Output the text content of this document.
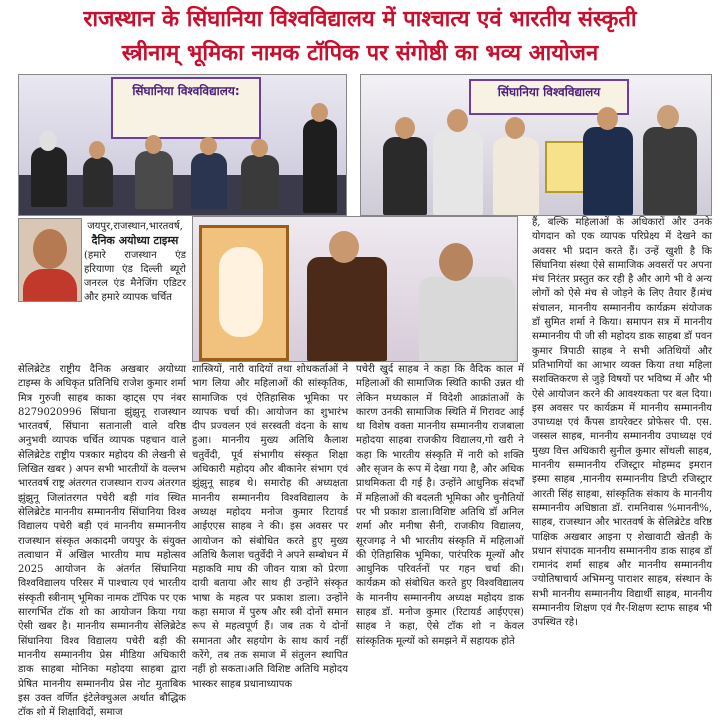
राजस्थान के सिंघानिया विश्वविद्यालय में पाश्चात्य एवं भारतीय संस्कृती
स्त्रीनाम् भूमिका नामक टॉपिक पर संगोष्ठी का भव्य आयोजन
सिंघानिया विश्वविद्यालय:	सिंघानिया विश्वविद्यालय
जयपुर,राजस्थान,भारतवर्ष,
दैनिक अयोध्या टाइम्स
(हमारे राजस्थान एंड हरियाणा एंड दिल्ली ब्यूरो जनरल एंड मैनेजिंग एडिटर और हमारे व्यापक चर्चित
सेलिब्रेटेड राष्ट्रीय दैनिक अखबार अयोध्या टाइम्स के अधिकृत प्रतिनिधि राजेश कुमार शर्मा मित्र गुरुजी साहब काका व्हाट्स एप नंबर 8279020996 सिंघाना झुंझुनू राजस्थान भारतवर्ष, सिंघाना सतानाली वाले वरिष्ठ अनुभवी व्यापक चर्चित व्यापक पहचान वाले सेलिब्रेटेड राष्ट्रीय पत्रकार महोदय की लेखनी से लिखित खबर ) अपन सभी भारतीयों के वल्लभ भारतवर्ष राष्ट्र अंतरगत राजस्थान राज्य अंतरगत झुंझुनू जिलांतरगत पचेरी बड़ी गांव स्थित सेलिब्रेटेड माननीय सम्माननीय सिंघानिया विश्व विद्यालय पचेरी बड़ी एवं माननीय सम्माननीय राजस्थान संस्कृत अकादमी जयपुर के संयुक्त तत्वाधान में अखिल भारतीय माघ महोत्सव 2025 आयोजन के अंतर्गत सिंघानिया विश्वविद्यालय परिसर में पाश्चात्य एवं भारतीय संस्कृती स्त्रीनाम् भूमिका नामक टॉपिक पर एक सारगर्भित टॉक शो का आयोजन किया गया ऐसी खबर है। माननीय सम्माननीय सेलिब्रेटेड सिंघानिया विश्व विद्यालय पचेरी बड़ी की माननीय सम्माननीय प्रेस मीडिया अधिकारी डाक साहबा मोनिका महोदया साहबा द्वारा प्रेषित माननीय सम्माननीय प्रेस नोट मुताबिक इस उक्त वर्णित इंटेलेक्चुअल अर्थात बौद्धिक टॉक शो में शिक्षाविदों, समाज
शास्त्रियों, नारी वादियों तथा शोधकर्ताओं ने भाग लिया और महिलाओं की सांस्कृतिक, सामाजिक एवं ऐतिहासिक भूमिका पर व्यापक चर्चा की। आयोजन का शुभारंभ दीप प्रज्वलन एवं सरस्वती वंदना के साथ हुआ। माननीय मुख्य अतिथि कैलाश चतुर्वेदी, पूर्व संभागीय संस्कृत शिक्षा अधिकारी महोदय और बीकानेर संभाग एवं झुंझुनू साहब थे। समारोह की अध्यक्षता माननीय सम्माननीय विश्वविद्यालय के अध्यक्ष महोदय मनोज कुमार रिटायर्ड आईएएस साहब ने की। इस अवसर पर आयोजन को संबोधित करते हुए मुख्य अतिथि कैलाश चतुर्वेदी ने अपने सम्बोधन में महाकवि माघ की जीवन यात्रा को प्रेरणा दायी बताया और साथ ही उन्होंने संस्कृत भाषा के महत्व पर प्रकाश डाला। उन्होंने कहा समाज में पुरुष और स्त्री दोनों समान रूप से महत्वपूर्ण हैं। जब तक ये दोनों समानता और सहयोग के साथ कार्य नहीं करेंगे, तब तक समाज में संतुलन स्थापित नहीं हो सकता।अति विशिष्ट अतिथि महोदय भास्कर साहब प्रधानाध्यापक
पचेरी खुर्द साहब ने कहा कि वैदिक काल में महिलाओं की सामाजिक स्थिति काफी उन्नत थी लेकिन मध्यकाल में विदेशी आक्रांताओं के कारण उनकी सामाजिक स्थिति में गिरावट आई था विशेष वक्ता माननीय सम्माननीय राजबाला महोदया साहबा राजकीय विद्यालय,गो खरी ने कहा कि भारतीय संस्कृति में नारी को शक्ति और सृजन के रूप में देखा गया है, और अधिक प्राथमिकता दी गई है। उन्होंने आधुनिक संदर्भों में महिलाओं की बदलती भूमिका और चुनौतियों पर भी प्रकाश डाला।विशिष्ट अतिथि डॉ अनिल शर्मा और मनीषा सैनी, राजकीय विद्यालय, सूरजगढ़ ने भी भारतीय संस्कृति में महिलाओं की ऐतिहासिक भूमिका, पारंपरिक मूल्यों और आधुनिक परिवर्तनों पर गहन चर्चा की। कार्यक्रम को संबोधित करते हुए विश्वविद्यालय के माननीय सम्माननीय अध्यक्ष महोदय डाक साहब डॉ. मनोज कुमार (रिटायर्ड आईएएस) साहब ने कहा, ऐसे टॉक शो न केवल सांस्कृतिक मूल्यों को समझने में सहायक होते
हैं, बल्कि महिलाओं के अधिकारों और उनके योगदान को एक व्यापक परिप्रेक्ष्य में देखने का अवसर भी प्रदान करते हैं। उन्हें खुशी है कि सिंघानिया संस्था ऐसे सामाजिक अवसरों पर अपना मंच निरंतर प्रस्तुत कर रही है और आगे भी वे अन्य लोगों को ऐसे मंच से जोड़ने के लिए तैयार हैं।मंच संचालन, माननीय सम्माननीय कार्यक्रम संयोजक डॉ सुमित शर्मा ने किया। समापन सत्र में माननीय सम्माननीय पी जी सी महोदय डाक साहबा डॉ पवन कुमार त्रिपाठी साहब ने सभी अतिथियों और प्रतिभागियों का आभार व्यक्त किया तथा महिला सशक्तिकरण से जुड़े विषयों पर भविष्य में और भी ऐसे आयोजन करने की आवश्यकता पर बल दिया। इस अवसर पर कार्यक्रम में माननीय सम्माननीय उपाध्यक्ष एवं कैंपस डायरेक्टर प्रोफेसर पी. एस. जस्सल साहब, माननीय सम्माननीय उपाध्यक्ष एवं मुख्य वित्त अधिकारी सुनील कुमार सोंथली साहब, माननीय सम्माननीय रजिस्ट्रार मोहम्मद इमरान इस्मा साहब ,माननीय सम्माननीय डिप्टी रजिस्ट्रार आरती सिंह साहबा, सांस्कृतिक संकाय के माननीय सम्माननीय अधिष्ठाता डॉ. रामनिवास %माननी%, साहब, राजस्थान और भारतवर्ष के सेलिब्रेटेड वरिष्ठ पाक्षिक अखबार आइना ए शेखावाटी खेतड़ी के प्रधान संपादक माननीय सम्माननीय डाक साहब डॉ रामानंद शर्मा साहब और माननीय सम्माननीय ज्योतिषाचार्य अभिमन्यु पाराशर साहब, संस्थान के सभी माननीय सम्माननीय विद्यार्थी साहब, माननीय सम्माननीय शिक्षण एवं गैर-शिक्षण स्टाफ साहब भी उपस्थित रहे।
